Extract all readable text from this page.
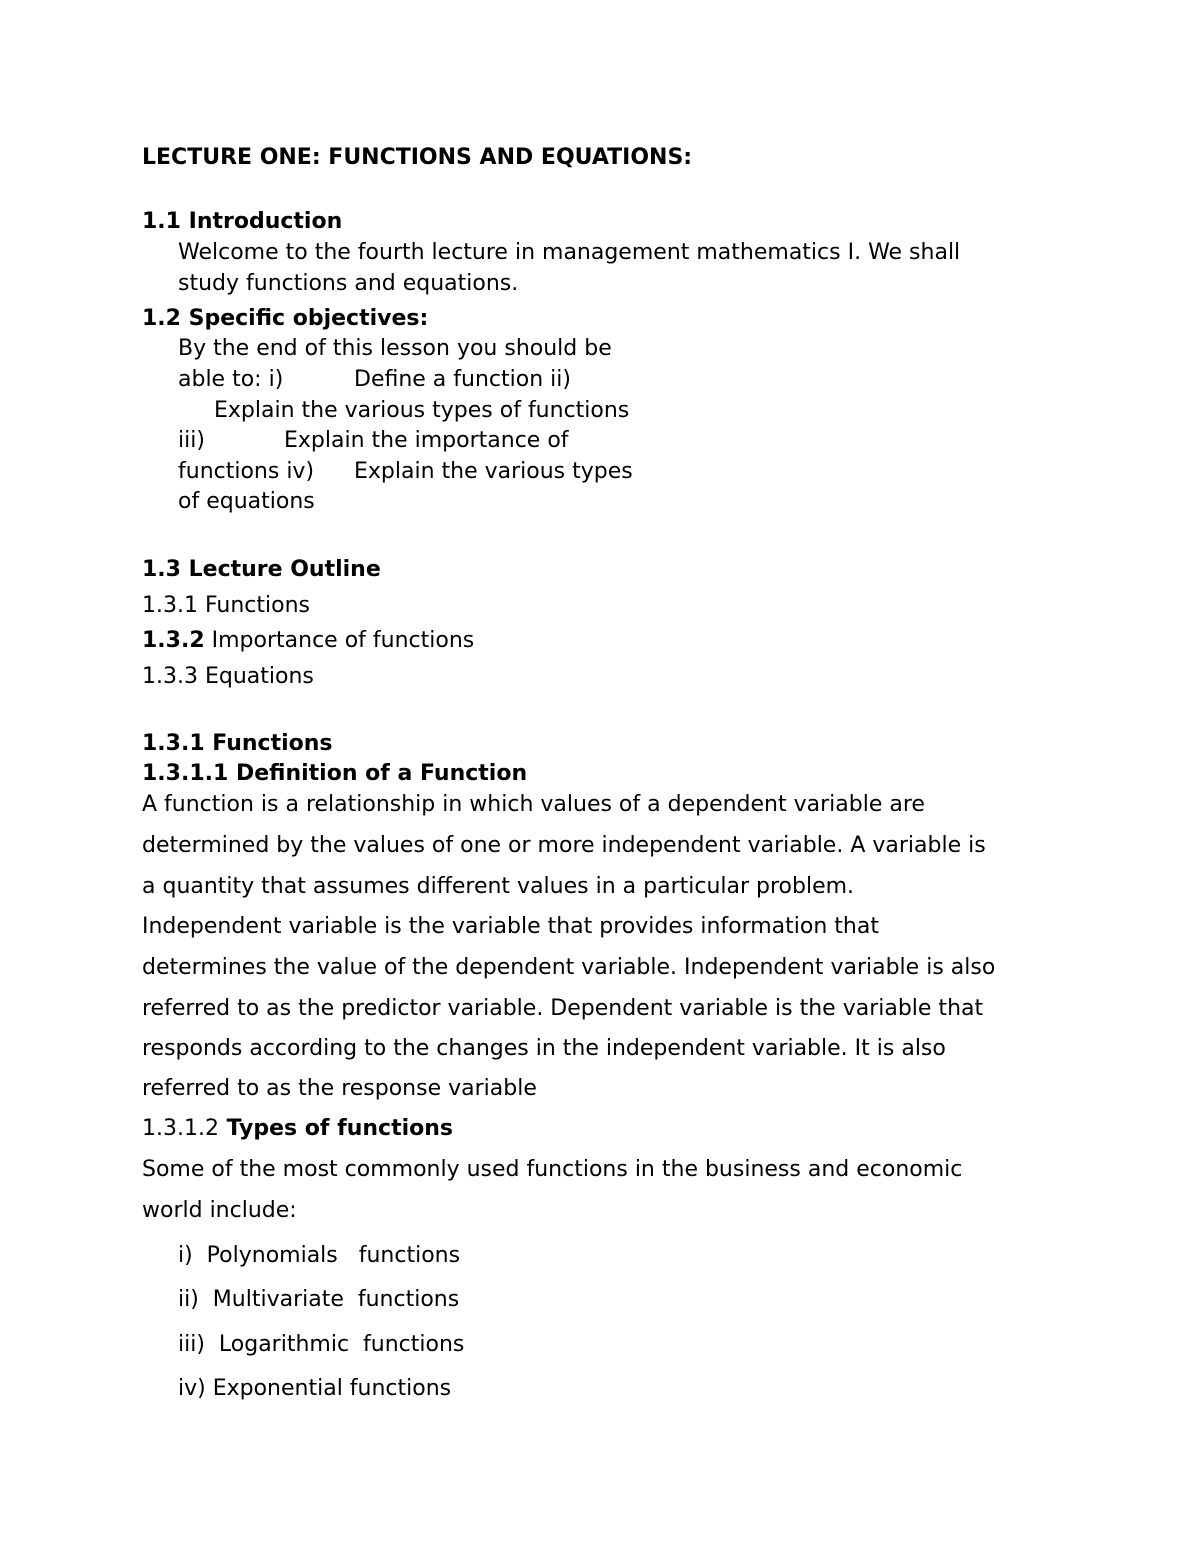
LECTURE ONE: FUNCTIONS AND EQUATIONS:
1.1 Introduction
Welcome to the fourth lecture in management mathematics I. We shall
study functions and equations.
1.2 Specific objectives:
By the end of this lesson you should be
able to: i)	Define a function ii)
Explain the various types of functions
iii)	Explain the importance of
functions iv) Explain the various types
of equations
1.3 Lecture Outline
1.3.1 Functions
1.3.2 Importance of functions
1.3.3 Equations
1.3.1 Functions
1.3.1.1 Definition of a Function
A function is a relationship in which values of a dependent variable are
determined by the values of one or more independent variable. A variable is
a quantity that assumes different values in a particular problem.
Independent variable is the variable that provides information that
determines the value of the dependent variable. Independent variable is also
referred to as the predictor variable. Dependent variable is the variable that
responds according to the changes in the independent variable. It is also
referred to as the response variable
1.3.1.2 Types of functions
Some of the most commonly used functions in the business and economic
world include:
i)  Polynomials   functions
ii)  Multivariate  functions
iii)  Logarithmic  functions
iv) Exponential functions
